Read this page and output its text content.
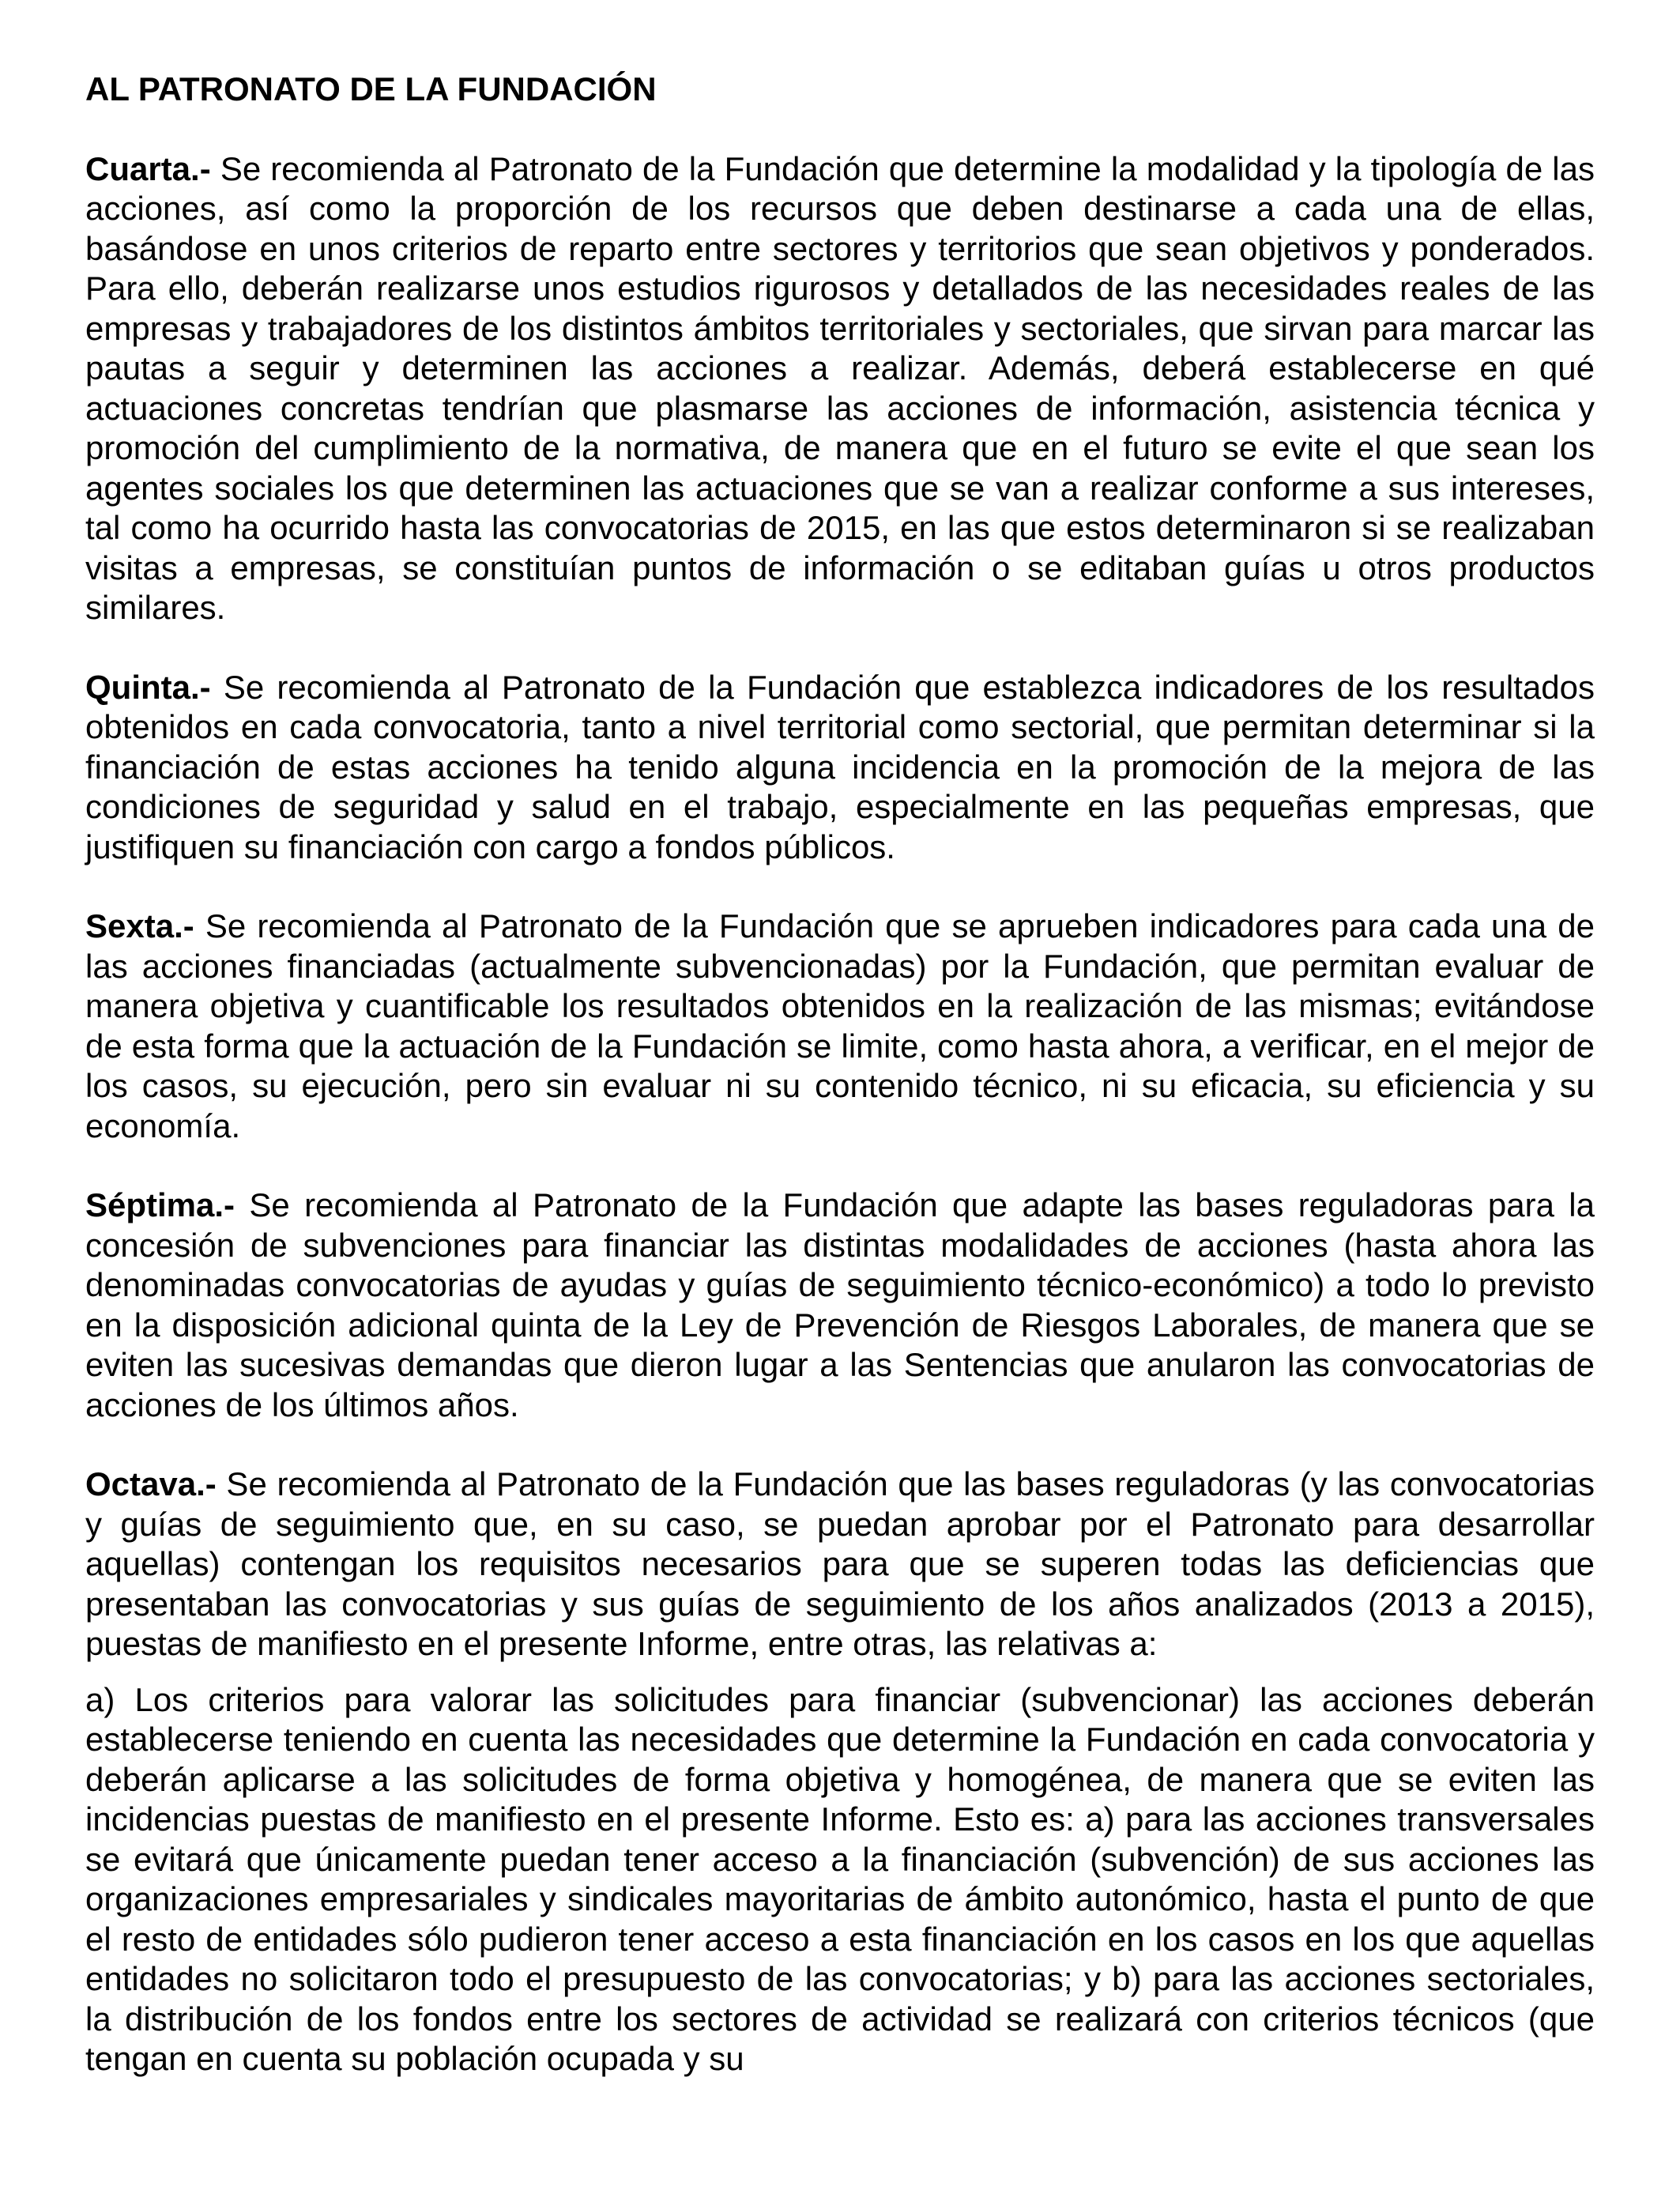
AL PATRONATO DE LA FUNDACIÓN

Cuarta.- Se recomienda al Patronato de la Fundación que determine la modalidad y la tipología de las acciones, así como la proporción de los recursos que deben destinarse a cada una de ellas, basándose en unos criterios de reparto entre sectores y territorios que sean objetivos y ponderados. Para ello, deberán realizarse unos estudios rigurosos y detallados de las necesidades reales de las empresas y trabajadores de los distintos ámbitos territoriales y sectoriales, que sirvan para marcar las pautas a seguir y determinen las acciones a realizar. Además, deberá establecerse en qué actuaciones concretas tendrían que plasmarse las acciones de información, asistencia técnica y promoción del cumplimiento de la normativa, de manera que en el futuro se evite el que sean los agentes sociales los que determinen las actuaciones que se van a realizar conforme a sus intereses, tal como ha ocurrido hasta las convocatorias de 2015, en las que estos determinaron si se realizaban visitas a empresas, se constituían puntos de información o se editaban guías u otros productos similares.

Quinta.- Se recomienda al Patronato de la Fundación que establezca indicadores de los resultados obtenidos en cada convocatoria, tanto a nivel territorial como sectorial, que permitan determinar si la financiación de estas acciones ha tenido alguna incidencia en la promoción de la mejora de las condiciones de seguridad y salud en el trabajo, especialmente en las pequeñas empresas, que justifiquen su financiación con cargo a fondos públicos.

Sexta.- Se recomienda al Patronato de la Fundación que se aprueben indicadores para cada una de las acciones financiadas (actualmente subvencionadas) por la Fundación, que permitan evaluar de manera objetiva y cuantificable los resultados obtenidos en la realización de las mismas; evitándose de esta forma que la actuación de la Fundación se limite, como hasta ahora, a verificar, en el mejor de los casos, su ejecución, pero sin evaluar ni su contenido técnico, ni su eficacia, su eficiencia y su economía.

Séptima.- Se recomienda al Patronato de la Fundación que adapte las bases reguladoras para la concesión de subvenciones para financiar las distintas modalidades de acciones (hasta ahora las denominadas convocatorias de ayudas y guías de seguimiento técnico-económico) a todo lo previsto en la disposición adicional quinta de la Ley de Prevención de Riesgos Laborales, de manera que se eviten las sucesivas demandas que dieron lugar a las Sentencias que anularon las convocatorias de acciones de los últimos años.

Octava.- Se recomienda al Patronato de la Fundación que las bases reguladoras (y las convocatorias y guías de seguimiento que, en su caso, se puedan aprobar por el Patronato para desarrollar aquellas) contengan los requisitos necesarios para que se superen todas las deficiencias que presentaban las convocatorias y sus guías de seguimiento de los años analizados (2013 a 2015), puestas de manifiesto en el presente Informe, entre otras, las relativas a:

a) Los criterios para valorar las solicitudes para financiar (subvencionar) las acciones deberán establecerse teniendo en cuenta las necesidades que determine la Fundación en cada convocatoria y deberán aplicarse a las solicitudes de forma objetiva y homogénea, de manera que se eviten las incidencias puestas de manifiesto en el presente Informe. Esto es: a) para las acciones transversales se evitará que únicamente puedan tener acceso a la financiación (subvención) de sus acciones las organizaciones empresariales y sindicales mayoritarias de ámbito autonómico, hasta el punto de que el resto de entidades sólo pudieron tener acceso a esta financiación en los casos en los que aquellas entidades no solicitaron todo el presupuesto de las convocatorias; y b) para las acciones sectoriales, la distribución de los fondos entre los sectores de actividad se realizará con criterios técnicos (que tengan en cuenta su población ocupada y su
